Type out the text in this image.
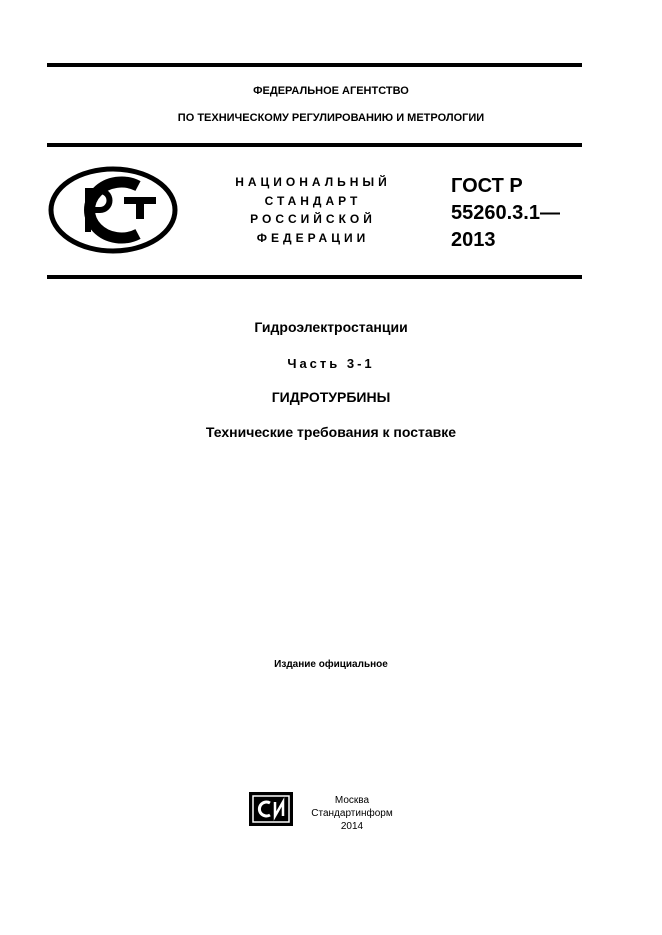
ФЕДЕРАЛЬНОЕ АГЕНТСТВО
ПО ТЕХНИЧЕСКОМУ РЕГУЛИРОВАНИЮ И МЕТРОЛОГИИ
НАЦИОНАЛЬНЫЙ
СТАНДАРТ
РОССИЙСКОЙ
ФЕДЕРАЦИИ
ГОСТ Р
55260.3.1—
2013
Гидроэлектростанции
Часть 3-1
ГИДРОТУРБИНЫ
Технические требования к поставке
Издание официальное
Москва
Стандартинформ
2014
